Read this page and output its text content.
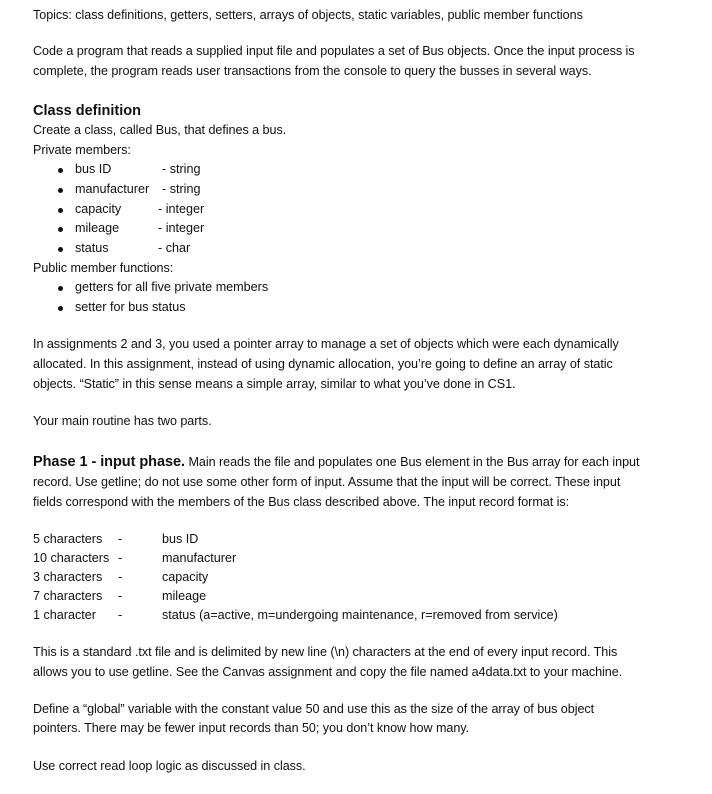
Topics: class definitions, getters, setters, arrays of objects, static variables, public member functions
Code a program that reads a supplied input file and populates a set of Bus objects. Once the input process is
complete, the program reads user transactions from the console to query the busses in several ways.
Class definition
Create a class, called Bus, that defines a bus.
Private members:
bus ID	- string
manufacturer - string
capacity	- integer
mileage	- integer
status	- char
Public member functions:
getters for all five private members
setter for bus status
In assignments 2 and 3, you used a pointer array to manage a set of objects which were each dynamically
allocated. In this assignment, instead of using dynamic allocation, you’re going to define an array of static
objects. “Static” in this sense means a simple array, similar to what you’ve done in CS1.
Your main routine has two parts.
Phase 1 - input phase. Main reads the file and populates one Bus element in the Bus array for each input
record. Use getline; do not use some other form of input. Assume that the input will be correct. These input
fields correspond with the members of the Bus class described above. The input record format is:
5 characters -	bus ID
10 characters -	manufacturer
3 characters -	capacity
7 characters -	mileage
1 character -	status (a=active, m=undergoing maintenance, r=removed from service)
This is a standard .txt file and is delimited by new line (\n) characters at the end of every input record. This
allows you to use getline. See the Canvas assignment and copy the file named a4data.txt to your machine.
Define a “global” variable with the constant value 50 and use this as the size of the array of bus object
pointers. There may be fewer input records than 50; you don’t know how many.
Use correct read loop logic as discussed in class.
